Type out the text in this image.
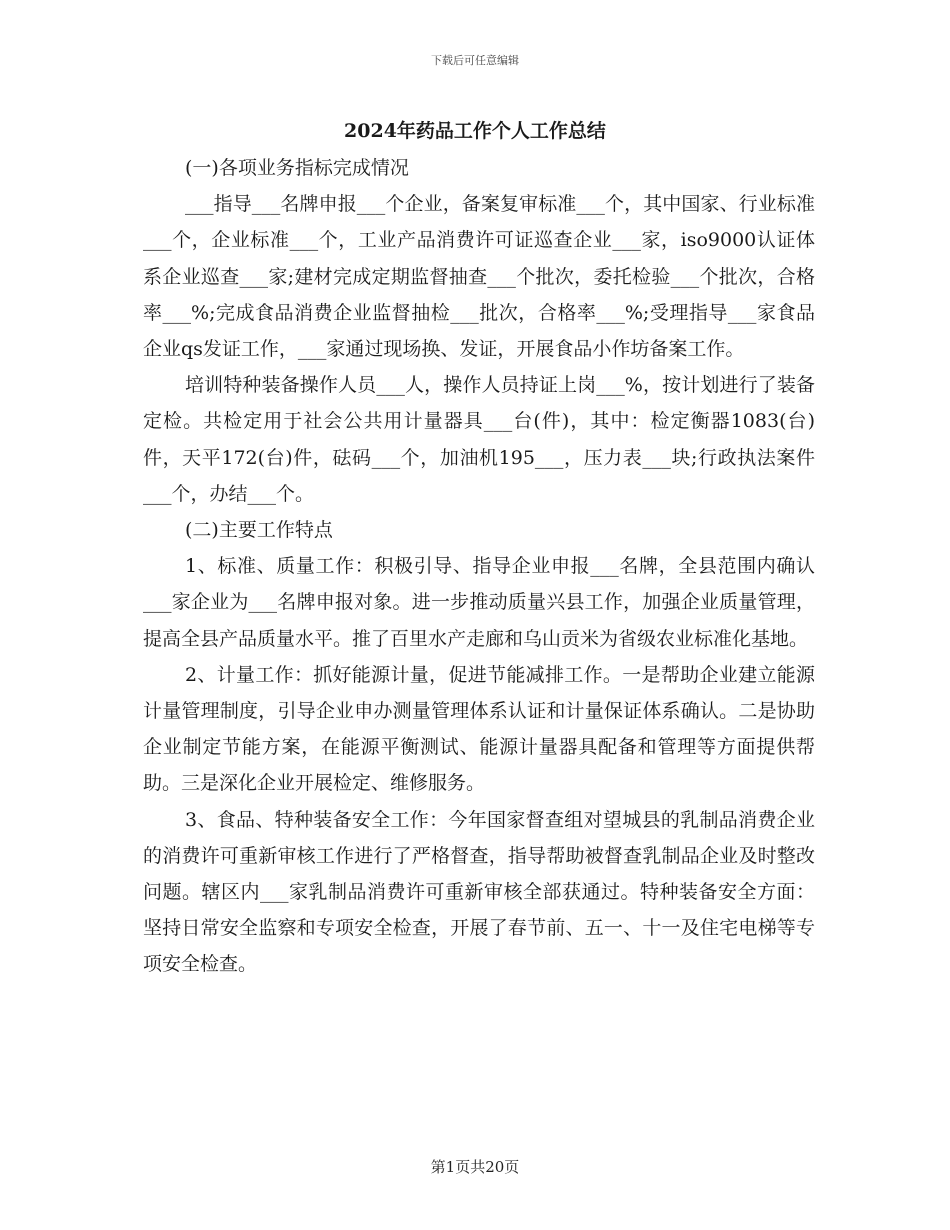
下载后可任意编辑
2024年药品工作个人工作总结

(一)各项业务指标完成情况

___指导___名牌申报___个企业，备案复审标准___个，其中国家、行业标准___个，企业标准___个，工业产品消费许可证巡查企业___家，iso9000认证体系企业巡查___家;建材完成定期监督抽查___个批次，委托检验___个批次，合格率___%;完成食品消费企业监督抽检___批次，合格率___%;受理指导___家食品企业qs发证工作，___家通过现场换、发证，开展食品小作坊备案工作。

培训特种装备操作人员___人，操作人员持证上岗___%，按计划进行了装备定检。共检定用于社会公共用计量器具___台(件)，其中：检定衡器1083(台)件，天平172(台)件，砝码___个，加油机195___，压力表___块;行政执法案件___个，办结___个。

(二)主要工作特点

1、标准、质量工作：积极引导、指导企业申报___名牌，全县范围内确认___家企业为___名牌申报对象。进一步推动质量兴县工作，加强企业质量管理，提高全县产品质量水平。推了百里水产走廊和乌山贡米为省级农业标准化基地。

2、计量工作：抓好能源计量，促进节能减排工作。一是帮助企业建立能源计量管理制度，引导企业申办测量管理体系认证和计量保证体系确认。二是协助企业制定节能方案，在能源平衡测试、能源计量器具配备和管理等方面提供帮助。三是深化企业开展检定、维修服务。

3、食品、特种装备安全工作：今年国家督查组对望城县的乳制品消费企业的消费许可重新审核工作进行了严格督查，指导帮助被督查乳制品企业及时整改问题。辖区内___家乳制品消费许可重新审核全部获通过。特种装备安全方面：坚持日常安全监察和专项安全检查，开展了春节前、五一、十一及住宅电梯等专项安全检查。

第1页共20页
